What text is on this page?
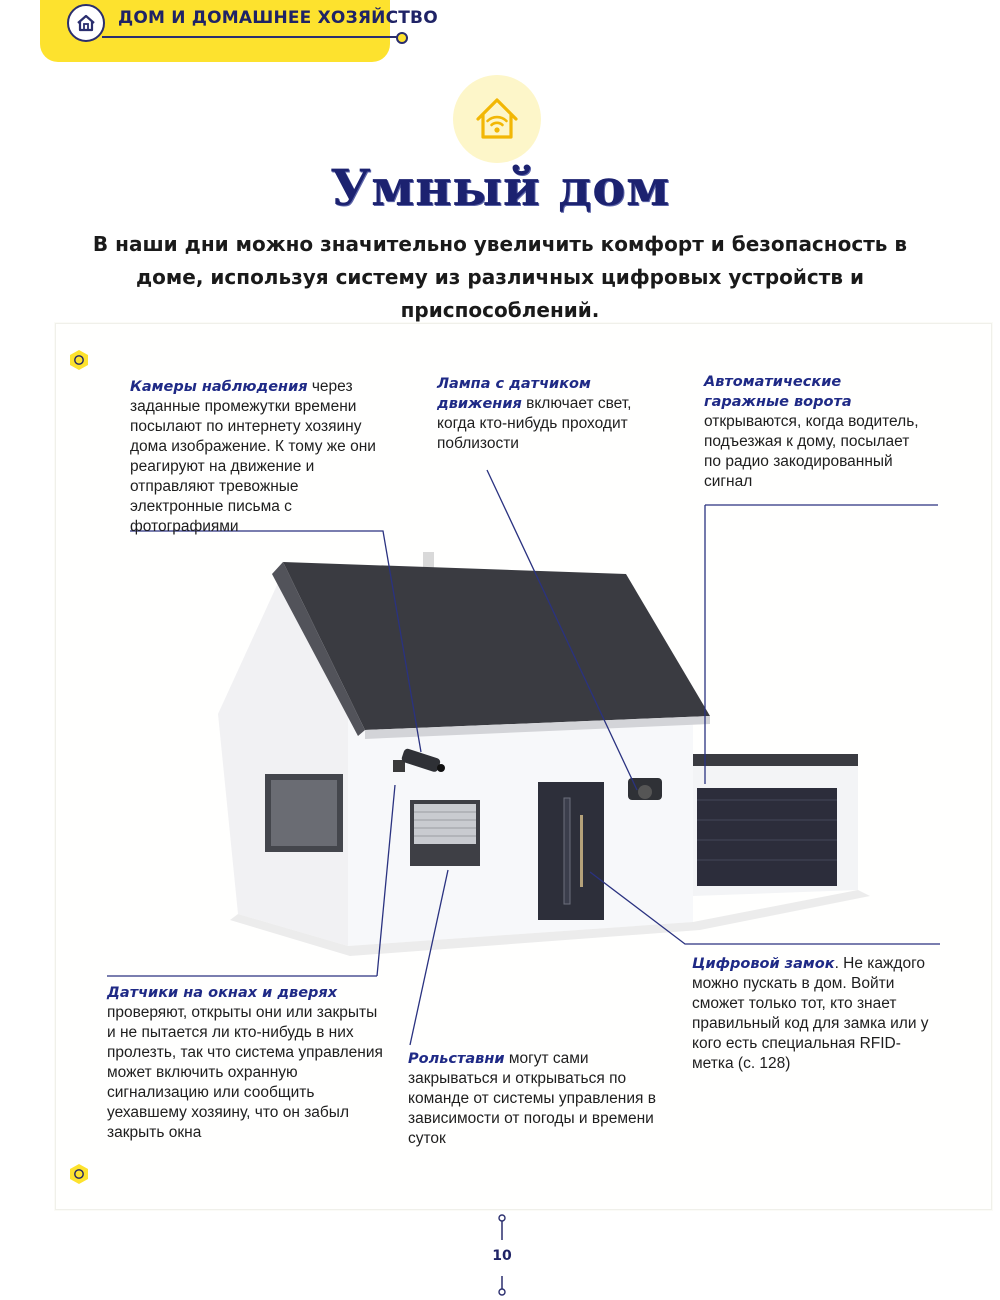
ДОМ И ДОМАШНЕЕ ХОЗЯЙСТВО
Умный дом

В наши дни можно значительно увеличить комфорт и безопасность в доме, используя систему из различных цифровых устройств и приспособлений.

Камеры наблюдения через заданные промежутки времени посылают по интернету хозяину дома изображение. К тому же они реагируют на движение и отправляют тревожные электронные письма с фотографиями

Лампа с датчиком движения включает свет, когда кто-нибудь проходит поблизости

Автоматические гаражные ворота открываются, когда водитель, подъезжая к дому, посылает по радио закодированный сигнал

Датчики на окнах и дверях проверяют, открыты они или закрыты и не пытается ли кто-нибудь в них пролезть, так что система управления может включить охранную сигнализацию или сообщить уехавшему хозяину, что он забыл закрыть окна

Рольставни могут сами закрываться и открываться по команде от системы управления в зависимости от погоды и времени суток

Цифровой замок. Не каждого можно пускать в дом. Войти сможет только тот, кто знает правильный код для замка или у кого есть специальная RFID-метка (с. 128)

10
